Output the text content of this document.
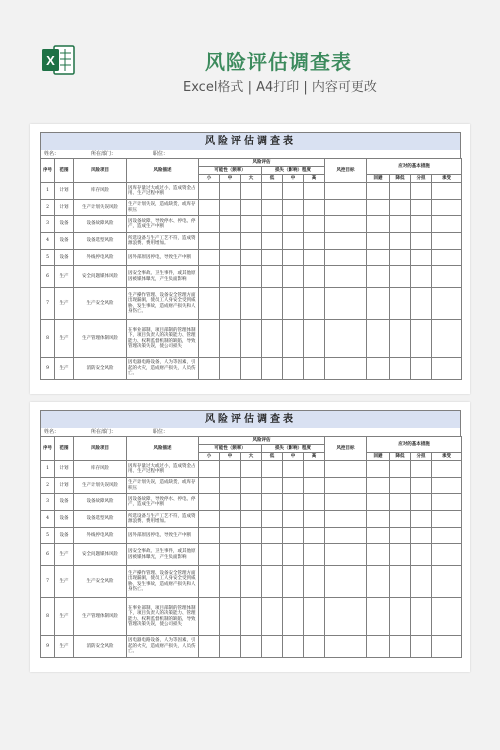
X	风险评估调查表
Excel格式 | A4打印 | 内容可更改
风险评估调查表
姓名：	所在部门：	职位：
序号	范围	风险项目	风险描述	风险评估						风控目标	应对的基本措施			
				可能性（频率）			损失（影响）程度							
				小	中	大	低	中	高		回避	降低	分担	承受
1	计划	库存风险	因库存量过大或过小，造成资金占用、生产过程中断											
2	计划	生产计划失误风险	生产计划失误，造成缺货，或库存积压											
3	设备	设备故障风险	因设备故障，导致停水、停电、停产，造成生产中断											
4	设备	设备选型风险	所选设备与生产工艺不符，造成资源浪费、费用增加。											
5	设备	外线停电风险	因外部原因停电，导致生产中断											
6	生产	安全问题媒体风险	因安全事故、卫生事件，或其他原因被媒体曝光，产生负面影响											
7	生产	生产安全风险	生产操作管理、设备安全管理方面出现漏洞，使员工人身安全受到威胁，发生事故，造成财产损失和人身伤亡。											
8	生产	生产管理体制风险	在事业部制，项目部制的管理体制下，项目负责人的决策能力、管理能力、权利监督机制的缺陷，导致管理决策失误，使公司损失											
9	生产	消防安全风险	因电器电路设备，人为等因素，引起的火灾，造成财产损失，人员伤亡。											
风险评估调查表
姓名：	所在部门：	职位：
序号	范围	风险项目	风险描述	风险评估						风控目标	应对的基本措施			
				可能性（频率）			损失（影响）程度							
				小	中	大	低	中	高		回避	降低	分担	承受
1	计划	库存风险	因库存量过大或过小，造成资金占用、生产过程中断											
2	计划	生产计划失误风险	生产计划失误，造成缺货，或库存积压											
3	设备	设备故障风险	因设备故障，导致停水、停电、停产，造成生产中断											
4	设备	设备选型风险	所选设备与生产工艺不符，造成资源浪费、费用增加。											
5	设备	外线停电风险	因外部原因停电，导致生产中断											
6	生产	安全问题媒体风险	因安全事故、卫生事件，或其他原因被媒体曝光，产生负面影响											
7	生产	生产安全风险	生产操作管理、设备安全管理方面出现漏洞，使员工人身安全受到威胁，发生事故，造成财产损失和人身伤亡。											
8	生产	生产管理体制风险	在事业部制，项目部制的管理体制下，项目负责人的决策能力、管理能力、权利监督机制的缺陷，导致管理决策失误，使公司损失											
9	生产	消防安全风险	因电器电路设备，人为等因素，引起的火灾，造成财产损失，人员伤亡。											
